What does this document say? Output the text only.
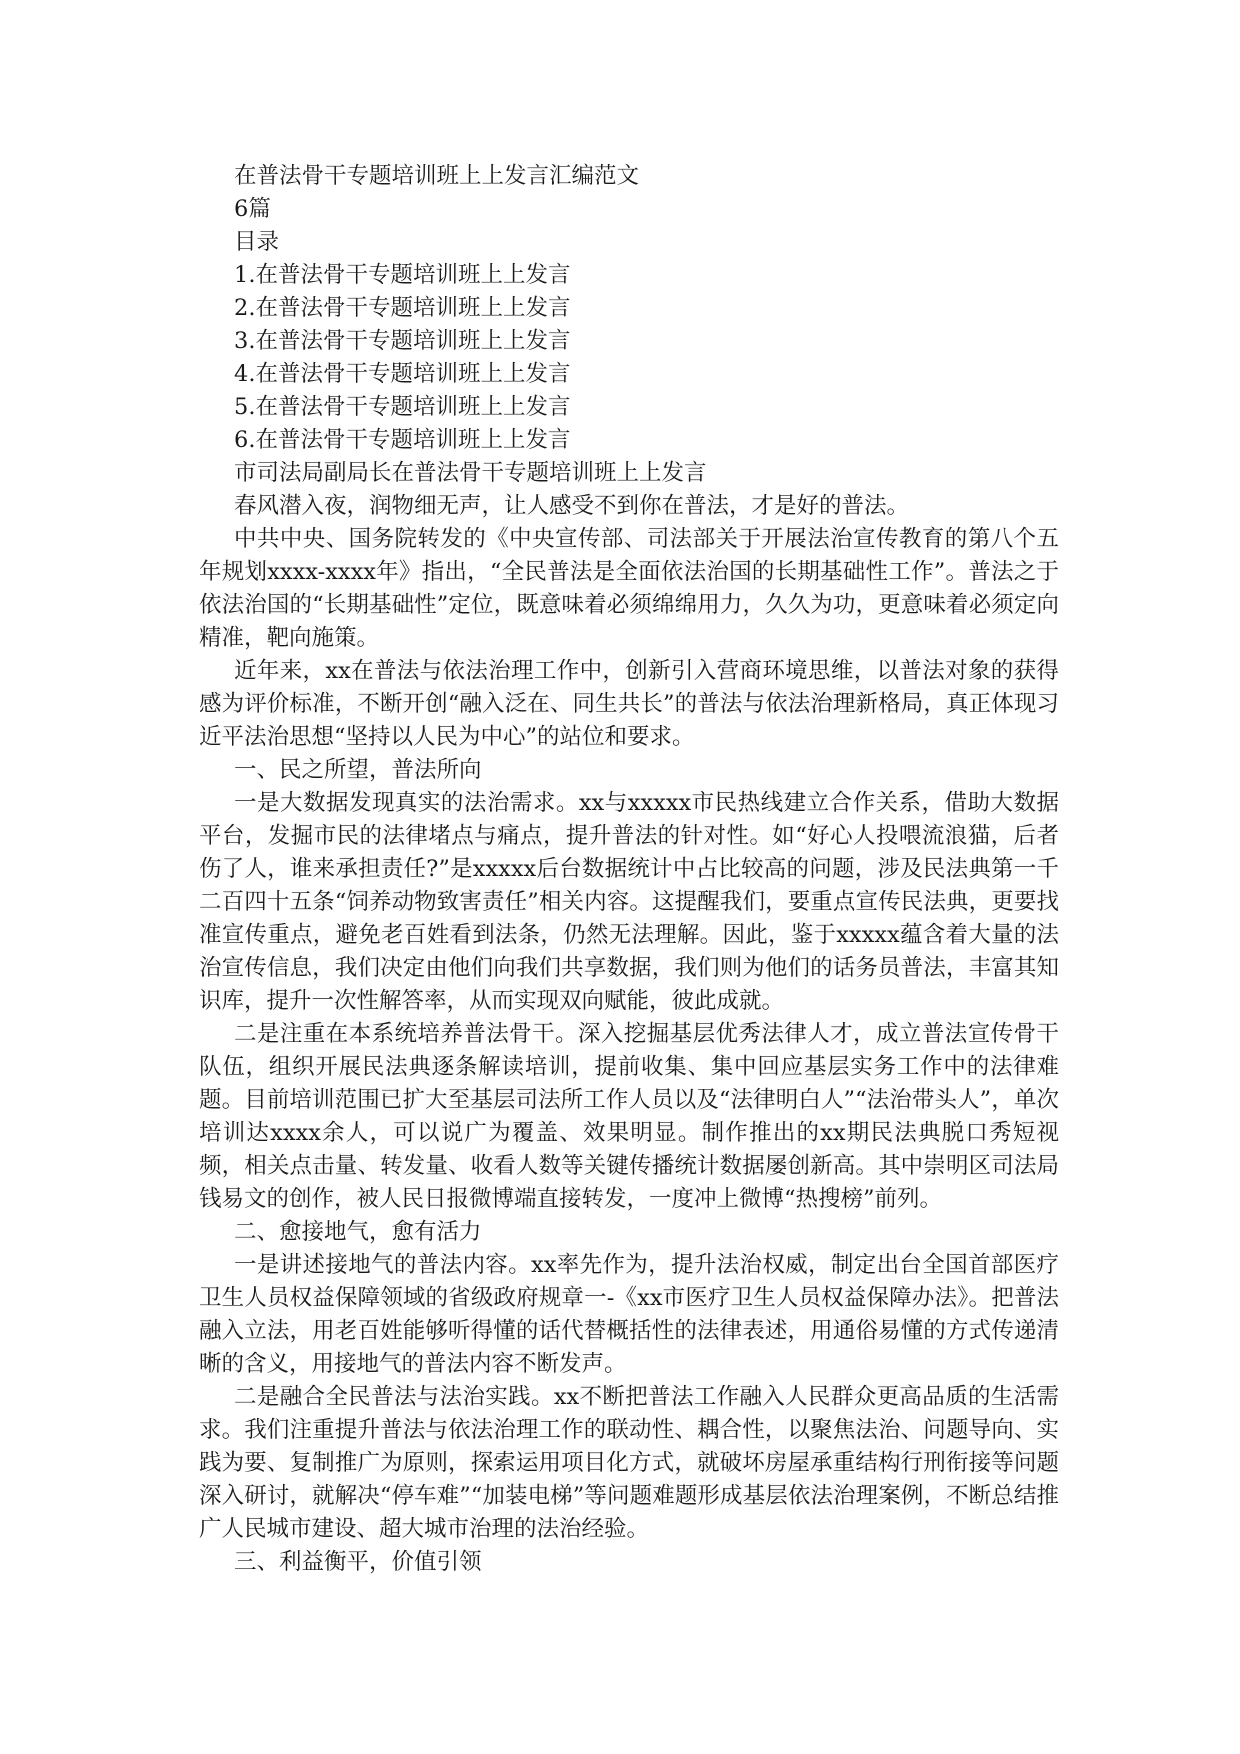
在普法骨干专题培训班上上发言汇编范文

6篇

目录

1.在普法骨干专题培训班上上发言

2.在普法骨干专题培训班上上发言

3.在普法骨干专题培训班上上发言

4.在普法骨干专题培训班上上发言

5.在普法骨干专题培训班上上发言

6.在普法骨干专题培训班上上发言

市司法局副局长在普法骨干专题培训班上上发言

春风潜入夜，润物细无声，让人感受不到你在普法，才是好的普法。

中共中央、国务院转发的《中央宣传部、司法部关于开展法治宣传教育的第八个五年规划xxxx-xxxx年》指出，“全民普法是全面依法治国的长期基础性工作”。普法之于依法治国的“长期基础性”定位，既意味着必须绵绵用力，久久为功，更意味着必须定向精准，靶向施策。

近年来，xx在普法与依法治理工作中，创新引入营商环境思维，以普法对象的获得感为评价标准，不断开创“融入泛在、同生共长”的普法与依法治理新格局，真正体现习近平法治思想“坚持以人民为中心”的站位和要求。

一、民之所望，普法所向

一是大数据发现真实的法治需求。xx与xxxxx市民热线建立合作关系，借助大数据平台，发掘市民的法律堵点与痛点，提升普法的针对性。如“好心人投喂流浪猫，后者伤了人，谁来承担责任?”是xxxxx后台数据统计中占比较高的问题，涉及民法典第一千二百四十五条“饲养动物致害责任”相关内容。这提醒我们，要重点宣传民法典，更要找准宣传重点，避免老百姓看到法条，仍然无法理解。因此，鉴于xxxxx蕴含着大量的法治宣传信息，我们决定由他们向我们共享数据，我们则为他们的话务员普法，丰富其知识库，提升一次性解答率，从而实现双向赋能，彼此成就。

二是注重在本系统培养普法骨干。深入挖掘基层优秀法律人才，成立普法宣传骨干队伍，组织开展民法典逐条解读培训，提前收集、集中回应基层实务工作中的法律难题。目前培训范围已扩大至基层司法所工作人员以及“法律明白人”“法治带头人”，单次培训达xxxx余人，可以说广为覆盖、效果明显。制作推出的xx期民法典脱口秀短视频，相关点击量、转发量、收看人数等关键传播统计数据屡创新高。其中崇明区司法局钱易文的创作，被人民日报微博端直接转发，一度冲上微博“热搜榜”前列。

二、愈接地气，愈有活力

一是讲述接地气的普法内容。xx率先作为，提升法治权威，制定出台全国首部医疗卫生人员权益保障领域的省级政府规章一-《xx市医疗卫生人员权益保障办法》。把普法融入立法，用老百姓能够听得懂的话代替概括性的法律表述，用通俗易懂的方式传递清晰的含义，用接地气的普法内容不断发声。

二是融合全民普法与法治实践。xx不断把普法工作融入人民群众更高品质的生活需求。我们注重提升普法与依法治理工作的联动性、耦合性，以聚焦法治、问题导向、实践为要、复制推广为原则，探索运用项目化方式，就破坏房屋承重结构行刑衔接等问题深入研讨，就解决“停车难”“加装电梯”等问题难题形成基层依法治理案例，不断总结推广人民城市建设、超大城市治理的法治经验。

三、利益衡平，价值引领
